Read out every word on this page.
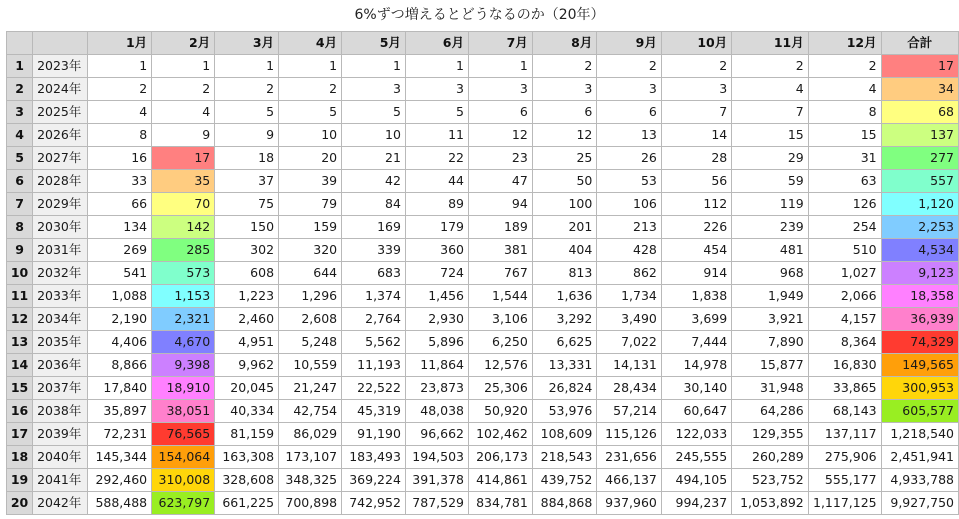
6%ずつ増えるとどうなるのか（20年）
		1月	2月	3月	4月	5月	6月	7月	8月	9月	10月	11月	12月	合計
1	2023年	1	1	1	1	1	1	1	2	2	2	2	2	17
2	2024年	2	2	2	2	3	3	3	3	3	3	4	4	34
3	2025年	4	4	5	5	5	5	6	6	6	7	7	8	68
4	2026年	8	9	9	10	10	11	12	12	13	14	15	15	137
5	2027年	16	17	18	20	21	22	23	25	26	28	29	31	277
6	2028年	33	35	37	39	42	44	47	50	53	56	59	63	557
7	2029年	66	70	75	79	84	89	94	100	106	112	119	126	1,120
8	2030年	134	142	150	159	169	179	189	201	213	226	239	254	2,253
9	2031年	269	285	302	320	339	360	381	404	428	454	481	510	4,534
10	2032年	541	573	608	644	683	724	767	813	862	914	968	1,027	9,123
11	2033年	1,088	1,153	1,223	1,296	1,374	1,456	1,544	1,636	1,734	1,838	1,949	2,066	18,358
12	2034年	2,190	2,321	2,460	2,608	2,764	2,930	3,106	3,292	3,490	3,699	3,921	4,157	36,939
13	2035年	4,406	4,670	4,951	5,248	5,562	5,896	6,250	6,625	7,022	7,444	7,890	8,364	74,329
14	2036年	8,866	9,398	9,962	10,559	11,193	11,864	12,576	13,331	14,131	14,978	15,877	16,830	149,565
15	2037年	17,840	18,910	20,045	21,247	22,522	23,873	25,306	26,824	28,434	30,140	31,948	33,865	300,953
16	2038年	35,897	38,051	40,334	42,754	45,319	48,038	50,920	53,976	57,214	60,647	64,286	68,143	605,577
17	2039年	72,231	76,565	81,159	86,029	91,190	96,662	102,462	108,609	115,126	122,033	129,355	137,117	1,218,540
18	2040年	145,344	154,064	163,308	173,107	183,493	194,503	206,173	218,543	231,656	245,555	260,289	275,906	2,451,941
19	2041年	292,460	310,008	328,608	348,325	369,224	391,378	414,861	439,752	466,137	494,105	523,752	555,177	4,933,788
20	2042年	588,488	623,797	661,225	700,898	742,952	787,529	834,781	884,868	937,960	994,237	1,053,892	1,117,125	9,927,750
